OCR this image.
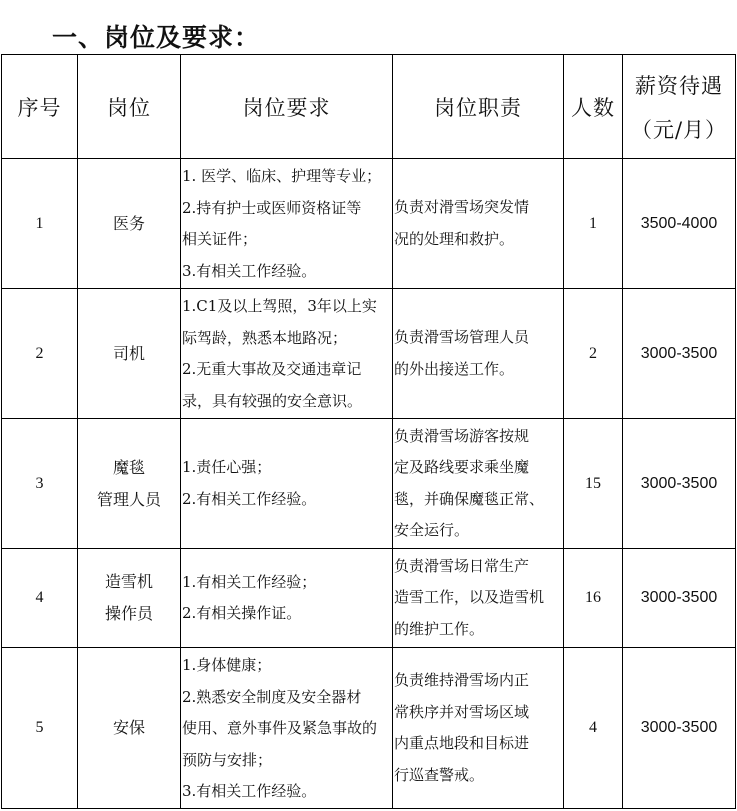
一、岗位及要求：
序号	岗位	岗位要求	岗位职责	人数	薪资待遇
（元/月）

1	医务	1. 医学、临床、护理等专业；
2.持有护士或医师资格证等
相关证件；
3.有相关工作经验。	负责对滑雪场突发情
况的处理和救护。	1	3500-4000
2	司机	1.C1及以上驾照，3年以上实
际驾龄，熟悉本地路况；
2.无重大事故及交通违章记
录，具有较强的安全意识。	负责滑雪场管理人员
的外出接送工作。	2	3000-3500
3	魔毯
管理人员	1.责任心强；
2.有相关工作经验。	负责滑雪场游客按规
定及路线要求乘坐魔
毯，并确保魔毯正常、
安全运行。	15	3000-3500
4	造雪机
操作员	1.有相关工作经验；
2.有相关操作证。	负责滑雪场日常生产
造雪工作，以及造雪机
的维护工作。	16	3000-3500
5	安保	1.身体健康；
2.熟悉安全制度及安全器材
使用、意外事件及紧急事故的
预防与安排；
3.有相关工作经验。	负责维持滑雪场内正
常秩序并对雪场区域
内重点地段和目标进
行巡查警戒。	4	3000-3500
